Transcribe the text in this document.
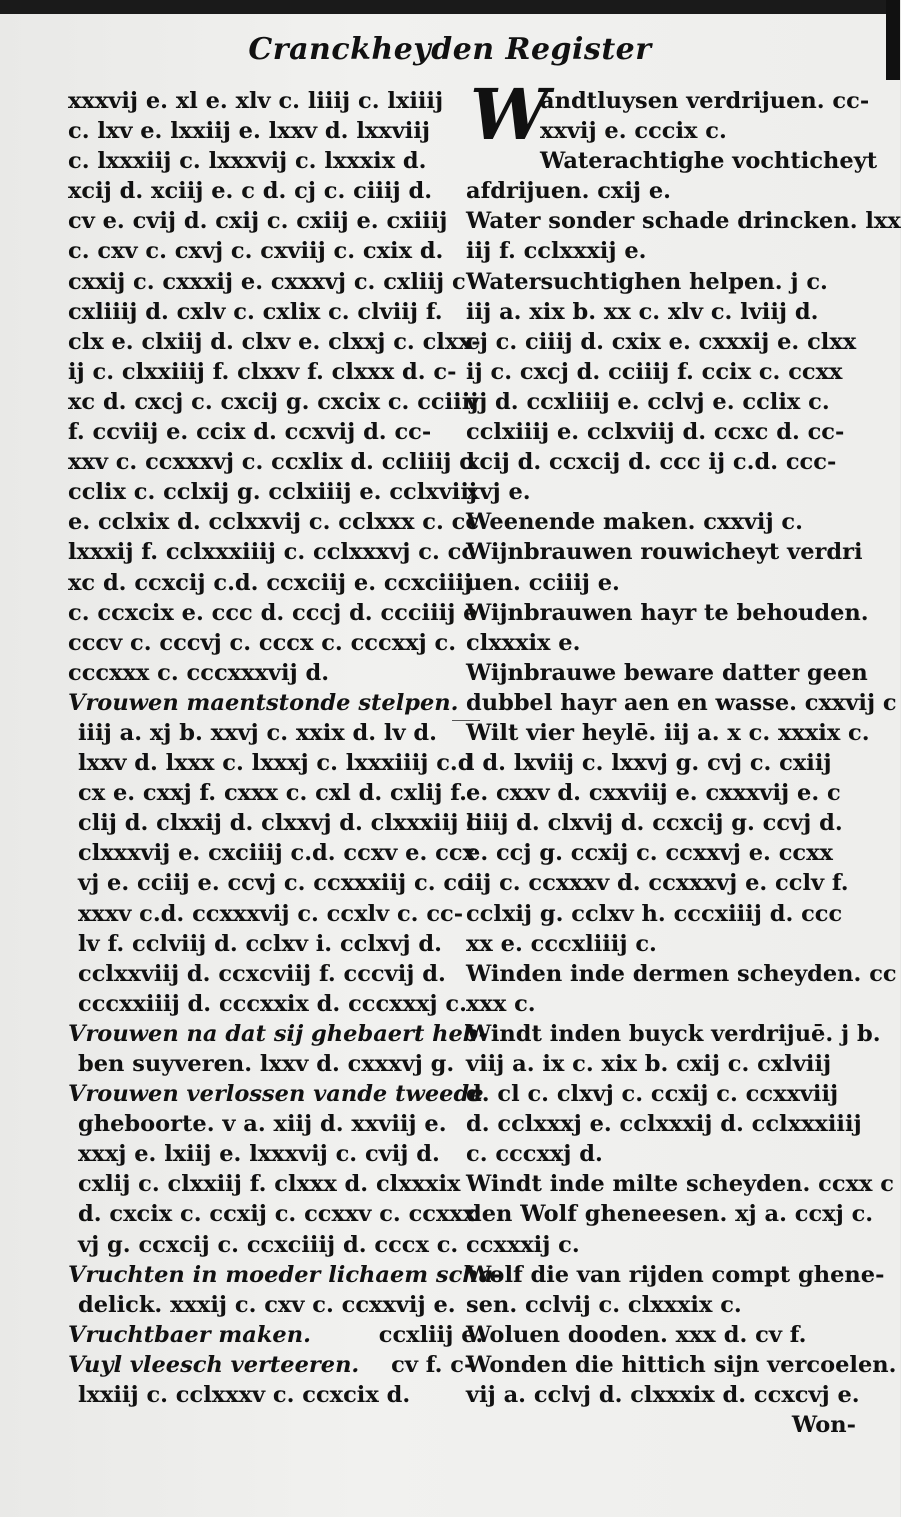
Cranckheyden Register
xxxvij e. xl e. xlv c. liiij c. lxiiij
c. lxv e. lxxiij e. lxxv d. lxxviij
c. lxxxiij c. lxxxvij c. lxxxix d.
xcij d. xciij e. c d. cj c. ciiij d.
cv e. cvij d. cxij c. cxiij e. cxiiij
c. cxv c. cxvj c. cxviij c. cxix d.
cxxij c. cxxxij e. cxxxvj c. cxliij c
cxliiij d. cxlv c. cxlix c. clviij f.
clx e. clxiij d. clxv e. clxxj c. clxx-
ij c. clxxiiij f. clxxv f. clxxx d. c-
xc d. cxcj c. cxcij g. cxcix c. cciiij
f. ccviij e. ccix d. ccxvij d. cc-
xxv c. ccxxxvj c. ccxlix d. ccliiij d
cclix c. cclxij g. cclxiiij e. cclxviij
e. cclxix d. cclxxvij c. cclxxx c. cc
lxxxij f. cclxxxiiij c. cclxxxvj c. cc
xc d. ccxcij c.d. ccxciij e. ccxciiij
c. ccxcix e. ccc d. cccj d. ccciiij e
cccv c. cccvj c. cccx c. cccxxj c.
cccxxx c. cccxxxvij d.
Vrouwen maentstonde stelpen.
iiij a. xj b. xxvj c. xxix d. lv d.
lxxv d. lxxx c. lxxxj c. lxxxiiij c.d
cx e. cxxj f. cxxx c. cxl d. cxlij f.
clij d. clxxij d. clxxvj d. clxxxiij c
clxxxvij e. cxciiij c.d. ccxv e. ccx
vj e. cciij e. ccvj c. ccxxxiij c. cc
xxxv c.d. ccxxxvij c. ccxlv c. cc-
lv f. cclviij d. cclxv i. cclxvj d.
cclxxviij d. ccxcviij f. cccvij d.
cccxxiiij d. cccxxix d. cccxxxj c.
Vrouwen na dat sij ghebaert heb-
ben suyveren. lxxv d. cxxxvj g.
Vrouwen verlossen vande tweede
gheboorte. v a. xiij d. xxviij e.
xxxj e. lxiij e. lxxxvij c. cvij d.
cxlij c. clxxiij f. clxxx d. clxxxix
d. cxcix c. ccxij c. ccxxv c. ccxxx
vj g. ccxcij c. ccxciiij d. cccx c.
Vruchten in moeder lichaem scha-
delick. xxxij c. cxv c. ccxxvij e.
Vruchtbaer maken.	ccxliij e.
Vuyl vleesch verteeren. cv f. c-
lxxiij c. cclxxxv c. ccxcix d.
W
andtluysen verdrijuen. cc-
xxvij e. cccix c.
Waterachtighe vochticheyt
afdrijuen. cxij e.
Water sonder schade drincken. lxx
iij f. cclxxxij e.
Watersuchtighen helpen. j c.
iij a. xix b. xx c. xlv c. lviij d.
cj c. ciiij d. cxix e. cxxxij e. clxx
ij c. cxcj d. cciiij f. ccix c. ccxx
vj d. ccxliiij e. cclvj e. cclix c.
cclxiiij e. cclxviij d. ccxc d. cc-
xcij d. ccxcij d. ccc ij c.d. ccc-
xvj e.
Weenende maken. cxxvij c.
Wijnbrauwen rouwicheyt verdri
uen. cciiij e.
Wijnbrauwen hayr te behouden.
clxxxix e.
Wijnbrauwe beware datter geen
dubbel hayr aen en wasse. cxxvij c
Wilt vier heylē. iij a. x c. xxxix c.
l d. lxviij c. lxxvj g. cvj c. cxiij
e. cxxv d. cxxviij e. cxxxvij e. c
liiij d. clxvij d. ccxcij g. ccvj d.
e. ccj g. ccxij c. ccxxvj e. ccxx
iij c. ccxxxv d. ccxxxvj e. cclv f.
cclxij g. cclxv h. cccxiiij d. ccc
xx e. cccxliiij c.
Winden inde dermen scheyden. cc
xxx c.
Windt inden buyck verdrijuē. j b.
viij a. ix c. xix b. cxij c. cxlviij
d. cl c. clxvj c. ccxij c. ccxxviij
d. cclxxxj e. cclxxxij d. cclxxxiiij
c. cccxxj d.
Windt inde milte scheyden. ccxx c
den Wolf gheneesen. xj a. ccxj c.
ccxxxij c.
Wolf die van rijden compt ghene-
sen. cclvij c. clxxxix c.
Woluen dooden. xxx d. cv f.
Wonden die hittich sijn vercoelen.
vij a. cclvj d. clxxxix d. ccxcvj e.
Won-
